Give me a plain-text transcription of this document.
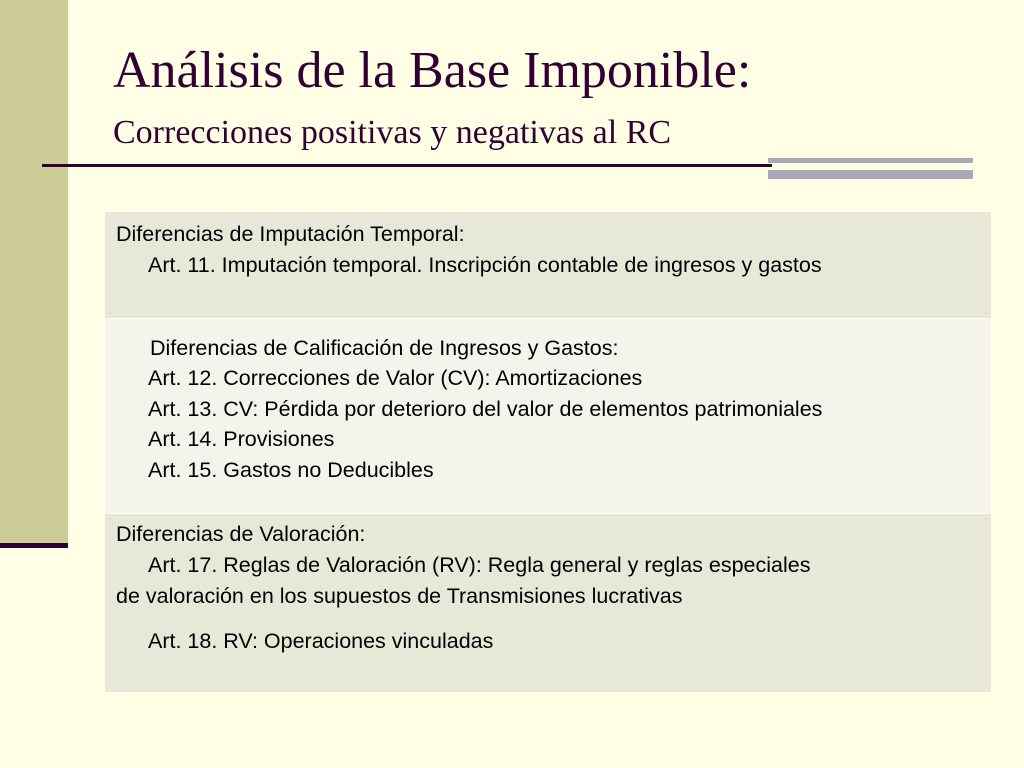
Análisis de la Base Imponible:
Correcciones positivas y negativas al RC
Diferencias de Imputación Temporal:
Art. 11. Imputación temporal. Inscripción contable de ingresos y gastos
Diferencias de Calificación de Ingresos y Gastos:
Art. 12. Correcciones de Valor (CV): Amortizaciones
Art. 13. CV: Pérdida por deterioro del valor de elementos patrimoniales
Art. 14. Provisiones
Art. 15. Gastos no Deducibles
Diferencias de Valoración:
Art. 17. Reglas de Valoración (RV): Regla general y reglas especiales
de valoración en los supuestos de Transmisiones lucrativas
Art. 18. RV: Operaciones vinculadas
